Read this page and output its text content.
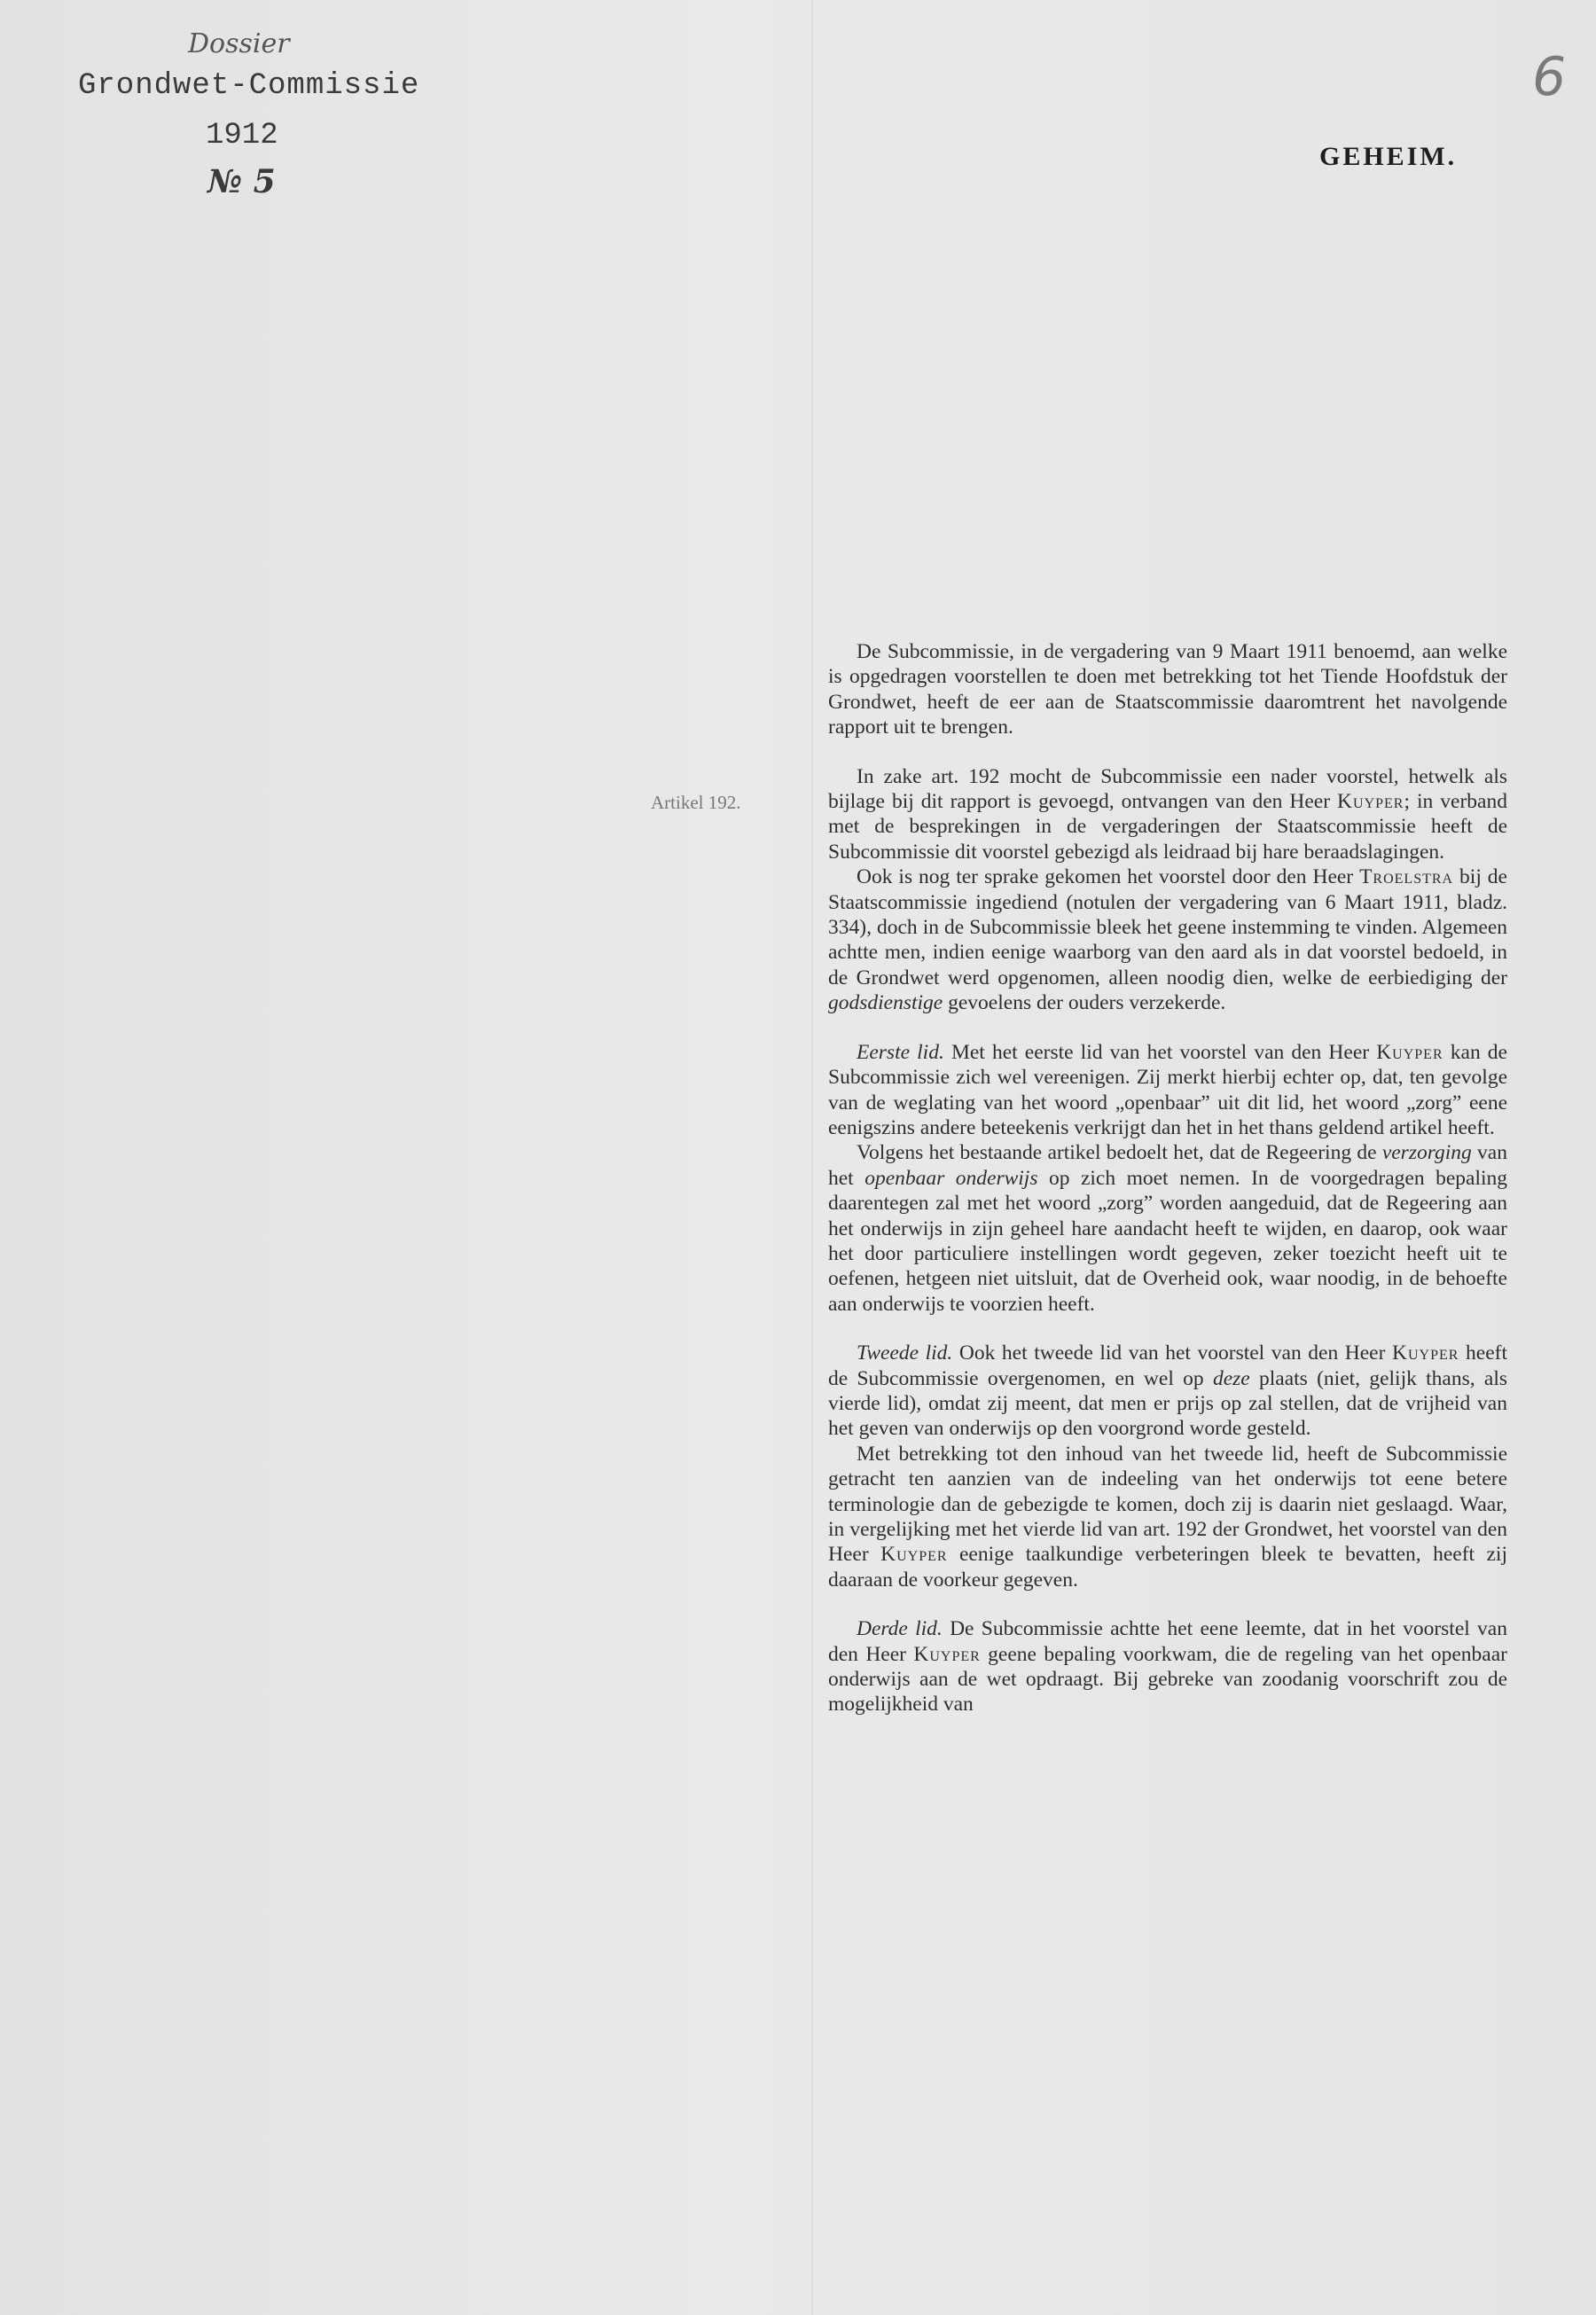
Dossier
Grondwet-Commissie
1912
№ 5
6
GEHEIM.
Artikel 192.

De Subcommissie, in de vergadering van 9 Maart 1911 benoemd, aan welke is opgedragen voorstellen te doen met betrekking tot het Tiende Hoofdstuk der Grondwet, heeft de eer aan de Staatscommissie daaromtrent het navolgende rapport uit te brengen.

In zake art. 192 mocht de Subcommissie een nader voorstel, hetwelk als bijlage bij dit rapport is gevoegd, ontvangen van den Heer Kuyper; in verband met de besprekingen in de vergaderingen der Staatscommissie heeft de Subcommissie dit voorstel gebezigd als leidraad bij hare beraadslagingen.

Ook is nog ter sprake gekomen het voorstel door den Heer Troelstra bij de Staatscommissie ingediend (notulen der vergadering van 6 Maart 1911, bladz. 334), doch in de Subcommissie bleek het geene instemming te vinden. Algemeen achtte men, indien eenige waarborg van den aard als in dat voorstel bedoeld, in de Grondwet werd opgenomen, alleen noodig dien, welke de eerbiediging der godsdienstige gevoelens der ouders verzekerde.

Eerste lid. Met het eerste lid van het voorstel van den Heer Kuyper kan de Subcommissie zich wel vereenigen. Zij merkt hierbij echter op, dat, ten gevolge van de weglating van het woord „openbaar” uit dit lid, het woord „zorg” eene eenigszins andere beteekenis verkrijgt dan het in het thans geldend artikel heeft.

Volgens het bestaande artikel bedoelt het, dat de Regeering de verzorging van het openbaar onderwijs op zich moet nemen. In de voorgedragen bepaling daarentegen zal met het woord „zorg” worden aangeduid, dat de Regeering aan het onderwijs in zijn geheel hare aandacht heeft te wijden, en daarop, ook waar het door particuliere instellingen wordt gegeven, zeker toezicht heeft uit te oefenen, hetgeen niet uitsluit, dat de Overheid ook, waar noodig, in de behoefte aan onderwijs te voorzien heeft.

Tweede lid. Ook het tweede lid van het voorstel van den Heer Kuyper heeft de Subcommissie overgenomen, en wel op deze plaats (niet, gelijk thans, als vierde lid), omdat zij meent, dat men er prijs op zal stellen, dat de vrijheid van het geven van onderwijs op den voorgrond worde gesteld.

Met betrekking tot den inhoud van het tweede lid, heeft de Subcommissie getracht ten aanzien van de indeeling van het onderwijs tot eene betere terminologie dan de gebezigde te komen, doch zij is daarin niet geslaagd. Waar, in vergelijking met het vierde lid van art. 192 der Grondwet, het voorstel van den Heer Kuyper eenige taalkundige verbeteringen bleek te bevatten, heeft zij daaraan de voorkeur gegeven.

Derde lid. De Subcommissie achtte het eene leemte, dat in het voorstel van den Heer Kuyper geene bepaling voorkwam, die de regeling van het openbaar onderwijs aan de wet opdraagt. Bij gebreke van zoodanig voorschrift zou de mogelijkheid van
